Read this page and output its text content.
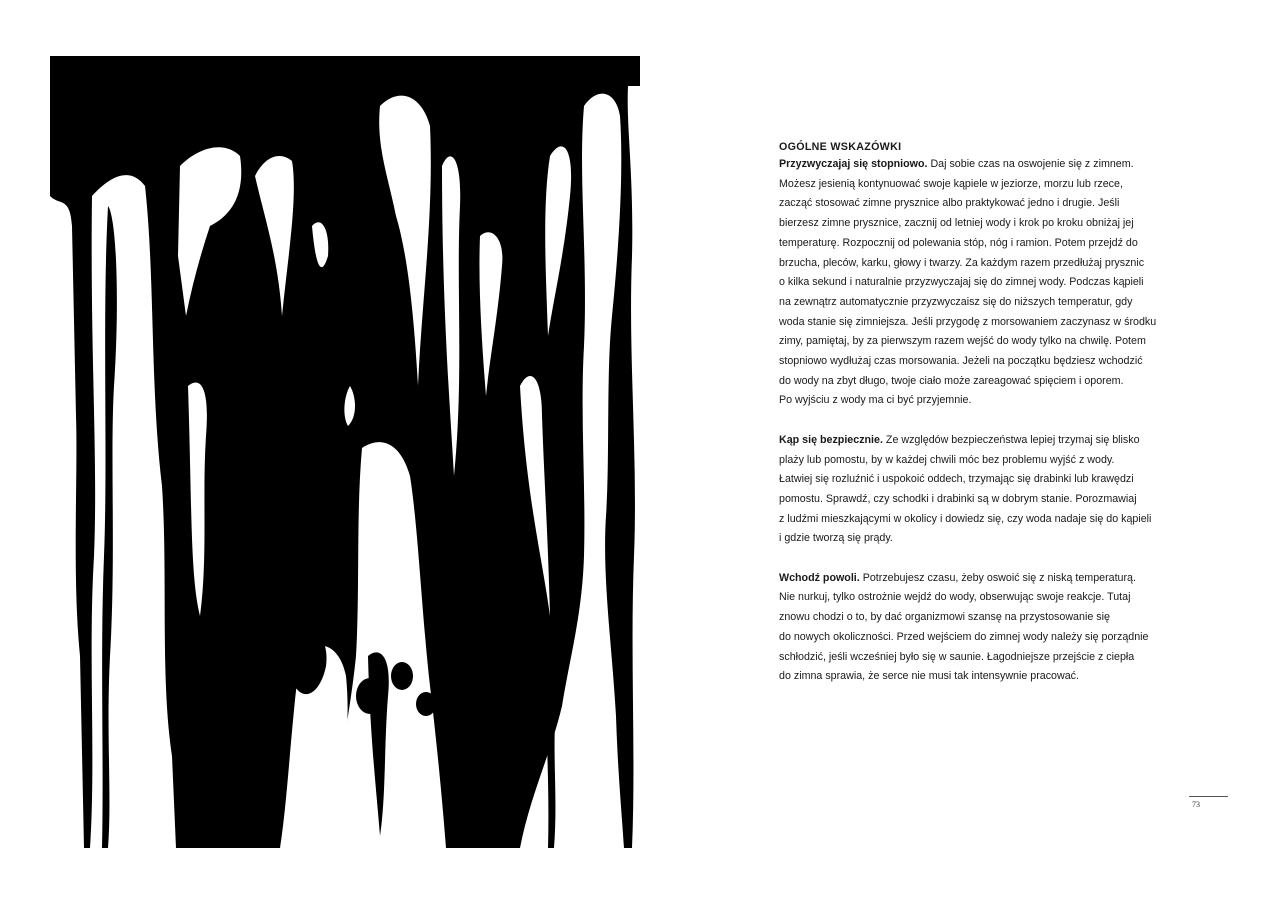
OGÓLNE WSKAZÓWKI

Przyzwyczajaj się stopniowo. Daj sobie czas na oswojenie się z zimnem.
Możesz jesienią kontynuować swoje kąpiele w jeziorze, morzu lub rzece,
zacząć stosować zimne prysznice albo praktykować jedno i drugie. Jeśli
bierzesz zimne prysznice, zacznij od letniej wody i krok po kroku obniżaj jej
temperaturę. Rozpocznij od polewania stóp, nóg i ramion. Potem przejdź do
brzucha, pleców, karku, głowy i twarzy. Za każdym razem przedłużaj prysznic
o kilka sekund i naturalnie przyzwyczajaj się do zimnej wody. Podczas kąpieli
na zewnątrz automatycznie przyzwyczaisz się do niższych temperatur, gdy
woda stanie się zimniejsza. Jeśli przygodę z morsowaniem zaczynasz w środku
zimy, pamiętaj, by za pierwszym razem wejść do wody tylko na chwilę. Potem
stopniowo wydłużaj czas morsowania. Jeżeli na początku będziesz wchodzić
do wody na zbyt długo, twoje ciało może zareagować spięciem i oporem.
Po wyjściu z wody ma ci być przyjemnie.

Kąp się bezpiecznie. Ze względów bezpieczeństwa lepiej trzymaj się blisko
plaży lub pomostu, by w każdej chwili móc bez problemu wyjść z wody.
Łatwiej się rozluźnić i uspokoić oddech, trzymając się drabinki lub krawędzi
pomostu. Sprawdź, czy schodki i drabinki są w dobrym stanie. Porozmawiaj
z ludźmi mieszkającymi w okolicy i dowiedz się, czy woda nadaje się do kąpieli
i gdzie tworzą się prądy.

Wchodź powoli. Potrzebujesz czasu, żeby oswoić się z niską temperaturą.
Nie nurkuj, tylko ostrożnie wejdź do wody, obserwując swoje reakcje. Tutaj
znowu chodzi o to, by dać organizmowi szansę na przystosowanie się
do nowych okoliczności. Przed wejściem do zimnej wody należy się porządnie
schłodzić, jeśli wcześniej było się w saunie. Łagodniejsze przejście z ciepła
do zimna sprawia, że serce nie musi tak intensywnie pracować.

73
